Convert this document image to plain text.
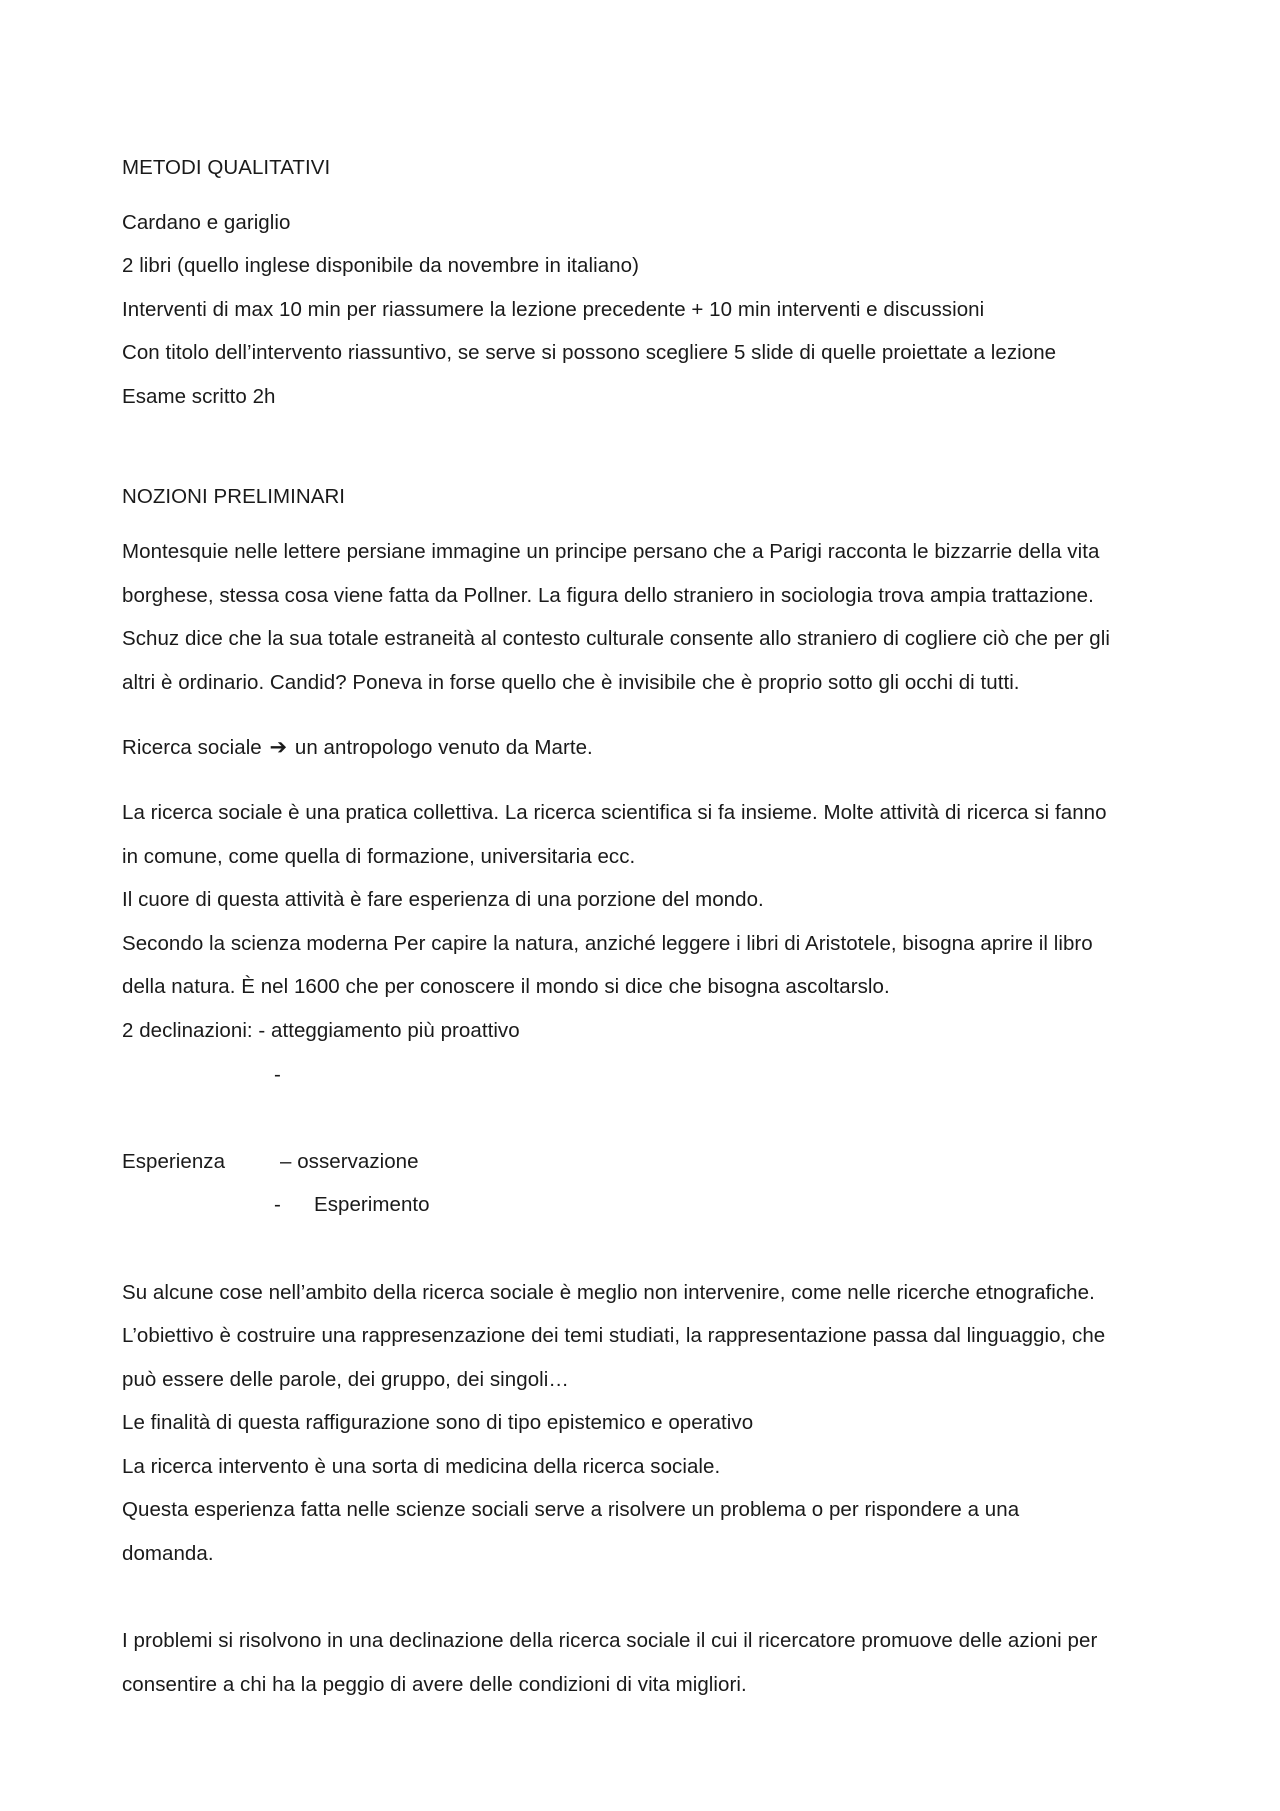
METODI QUALITATIVI
Cardano e gariglio
2 libri (quello inglese disponibile da novembre in italiano)
Interventi di max 10 min per riassumere la lezione precedente + 10 min interventi e discussioni
Con titolo dell’intervento riassuntivo, se serve si possono scegliere 5 slide di quelle proiettate a lezione
Esame scritto 2h
NOZIONI PRELIMINARI
Montesquie nelle lettere persiane immagine un principe persano che a Parigi racconta le bizzarrie della vita
borghese, stessa cosa viene fatta da Pollner. La figura dello straniero in sociologia trova ampia trattazione.
Schuz dice che la sua totale estraneità al contesto culturale consente allo straniero di cogliere ciò che per gli
altri è ordinario. Candid? Poneva in forse quello che è invisibile che è proprio sotto gli occhi di tutti.
Ricerca sociale ➔ un antropologo venuto da Marte.
La ricerca sociale è una pratica collettiva. La ricerca scientifica si fa insieme. Molte attività di ricerca si fanno
in comune, come quella di formazione, universitaria ecc.
Il cuore di questa attività è fare esperienza di una porzione del mondo.
Secondo la scienza moderna Per capire la natura, anziché leggere i libri di Aristotele, bisogna aprire il libro
della natura. È nel 1600 che per conoscere il mondo si dice che bisogna ascoltarslo.
2 declinazioni: - atteggiamento più proattivo
-
Esperienza	– osservazione
- Esperimento
Su alcune cose nell’ambito della ricerca sociale è meglio non intervenire, come nelle ricerche etnografiche.
L’obiettivo è costruire una rappresenzazione dei temi studiati, la rappresentazione passa dal linguaggio, che
può essere delle parole, dei gruppo, dei singoli…
Le finalità di questa raffigurazione sono di tipo epistemico e operativo
La ricerca intervento è una sorta di medicina della ricerca sociale.
Questa esperienza fatta nelle scienze sociali serve a risolvere un problema o per rispondere a una
domanda.
I problemi si risolvono in una declinazione della ricerca sociale il cui il ricercatore promuove delle azioni per
consentire a chi ha la peggio di avere delle condizioni di vita migliori.
